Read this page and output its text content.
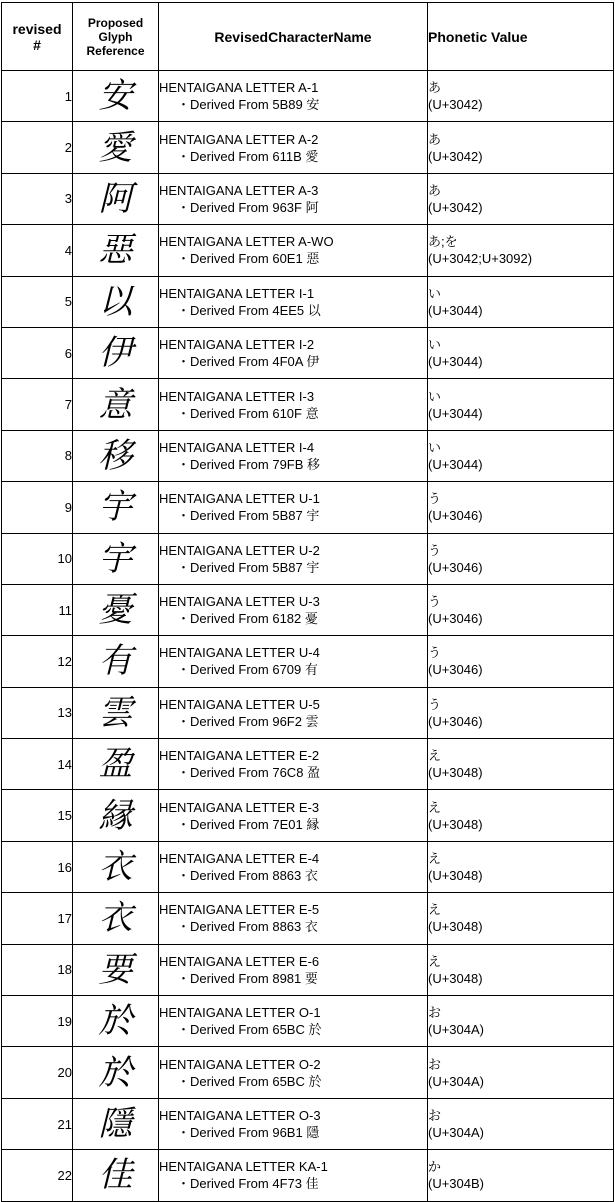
revised
#	Proposed
Glyph
Reference	RevisedCharacterName	Phonetic Value
1	安	HENTAIGANA LETTER A-1
・Derived From 5B89 安	あ
(U+3042)

2	愛	HENTAIGANA LETTER A-2
・Derived From 611B 愛	あ
(U+3042)

3	阿	HENTAIGANA LETTER A-3
・Derived From 963F 阿	あ
(U+3042)

4	惡	HENTAIGANA LETTER A-WO
・Derived From 60E1 惡	あ;を
(U+3042;U+3092)

5	以	HENTAIGANA LETTER I-1
・Derived From 4EE5 以	い
(U+3044)

6	伊	HENTAIGANA LETTER I-2
・Derived From 4F0A 伊	い
(U+3044)

7	意	HENTAIGANA LETTER I-3
・Derived From 610F 意	い
(U+3044)

8	移	HENTAIGANA LETTER I-4
・Derived From 79FB 移	い
(U+3044)

9	宇	HENTAIGANA LETTER U-1
・Derived From 5B87 宇	う
(U+3046)

10	宇	HENTAIGANA LETTER U-2
・Derived From 5B87 宇	う
(U+3046)

11	憂	HENTAIGANA LETTER U-3
・Derived From 6182 憂	う
(U+3046)

12	有	HENTAIGANA LETTER U-4
・Derived From 6709 有	う
(U+3046)

13	雲	HENTAIGANA LETTER U-5
・Derived From 96F2 雲	う
(U+3046)

14	盈	HENTAIGANA LETTER E-2
・Derived From 76C8 盈	え
(U+3048)

15	縁	HENTAIGANA LETTER E-3
・Derived From 7E01 縁	え
(U+3048)

16	衣	HENTAIGANA LETTER E-4
・Derived From 8863 衣	え
(U+3048)

17	衣	HENTAIGANA LETTER E-5
・Derived From 8863 衣	え
(U+3048)

18	要	HENTAIGANA LETTER E-6
・Derived From 8981 要	え
(U+3048)

19	於	HENTAIGANA LETTER O-1
・Derived From 65BC 於	お
(U+304A)

20	於	HENTAIGANA LETTER O-2
・Derived From 65BC 於	お
(U+304A)

21	隱	HENTAIGANA LETTER O-3
・Derived From 96B1 隱	お
(U+304A)

22	佳	HENTAIGANA LETTER KA-1
・Derived From 4F73 佳	か
(U+304B)
